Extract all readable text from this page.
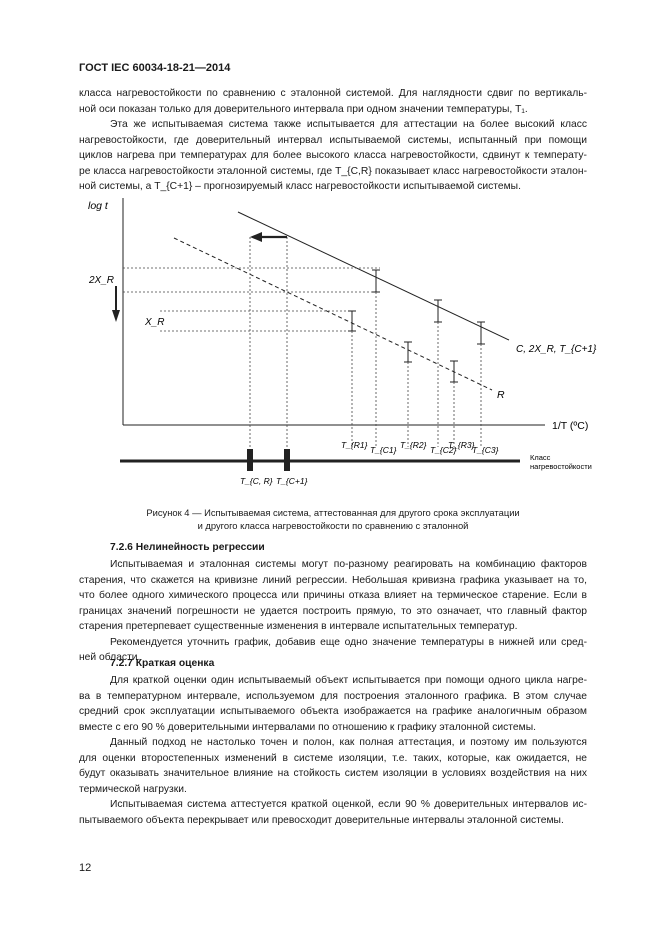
ГОСТ IEC 60034-18-21—2014
класса нагревостойкости по сравнению с эталонной системой. Для наглядности сдвиг по вертикаль-
ной оси показан только для доверительного интервала при одном значении температуры, T₁.
Эта же испытываемая система также испытывается для аттестации на более высокий класс
нагревостойкости, где доверительный интервал испытываемой системы, испытанный при помощи
циклов нагрева при температурах для более высокого класса нагревостойкости, сдвинут к температу-
ре класса нагревостойкости эталонной системы, где T_{C,R} показывает класс нагревостойкости эталон-
ной системы, а T_{C+1} – прогнозируемый класс нагревостойкости испытываемой системы.
log t
1/T (ºC)
C, 2X_R, T_{C+1}
R
2X_R
X_R
T_{R1} T_{C1} T_{R2} T_{C2}
T_{R3}
T_{C3}
Класс
нагревостойкости
T_{C, R} T_{C+1}
Рисунок 4 — Испытываемая система, аттестованная для другого срока эксплуатации
и другого класса нагревостойкости по сравнению с эталонной
7.2.6 Нелинейность регрессии
Испытываемая и эталонная системы могут по-разному реагировать на комбинацию факторов
старения, что скажется на кривизне линий регрессии. Небольшая кривизна графика указывает на то,
что более одного химического процесса или причины отказа влияет на термическое старение. Если в
границах значений погрешности не удается построить прямую, то это означает, что главный фактор
старения претерпевает существенные изменения в интервале испытательных температур.
Рекомендуется уточнить график, добавив еще одно значение температуры в нижней или сред-
ней области.
7.2.7 Краткая оценка
Для краткой оценки один испытываемый объект испытывается при помощи одного цикла нагре-
ва в температурном интервале, используемом для построения эталонного графика. В этом случае
средний срок эксплуатации испытываемого объекта изображается на графике аналогичным образом
вместе с его 90 % доверительными интервалами по отношению к графику эталонной системы.
Данный подход не настолько точен и полон, как полная аттестация, и поэтому им пользуются
для оценки второстепенных изменений в системе изоляции, т.е. таких, которые, как ожидается, не
будут оказывать значительное влияние на стойкость систем изоляции в условиях воздействия на них
термической нагрузки.
Испытываемая система аттестуется краткой оценкой, если 90 % доверительных интервалов ис-
пытываемого объекта перекрывает или превосходит доверительные интервалы эталонной системы.
12
